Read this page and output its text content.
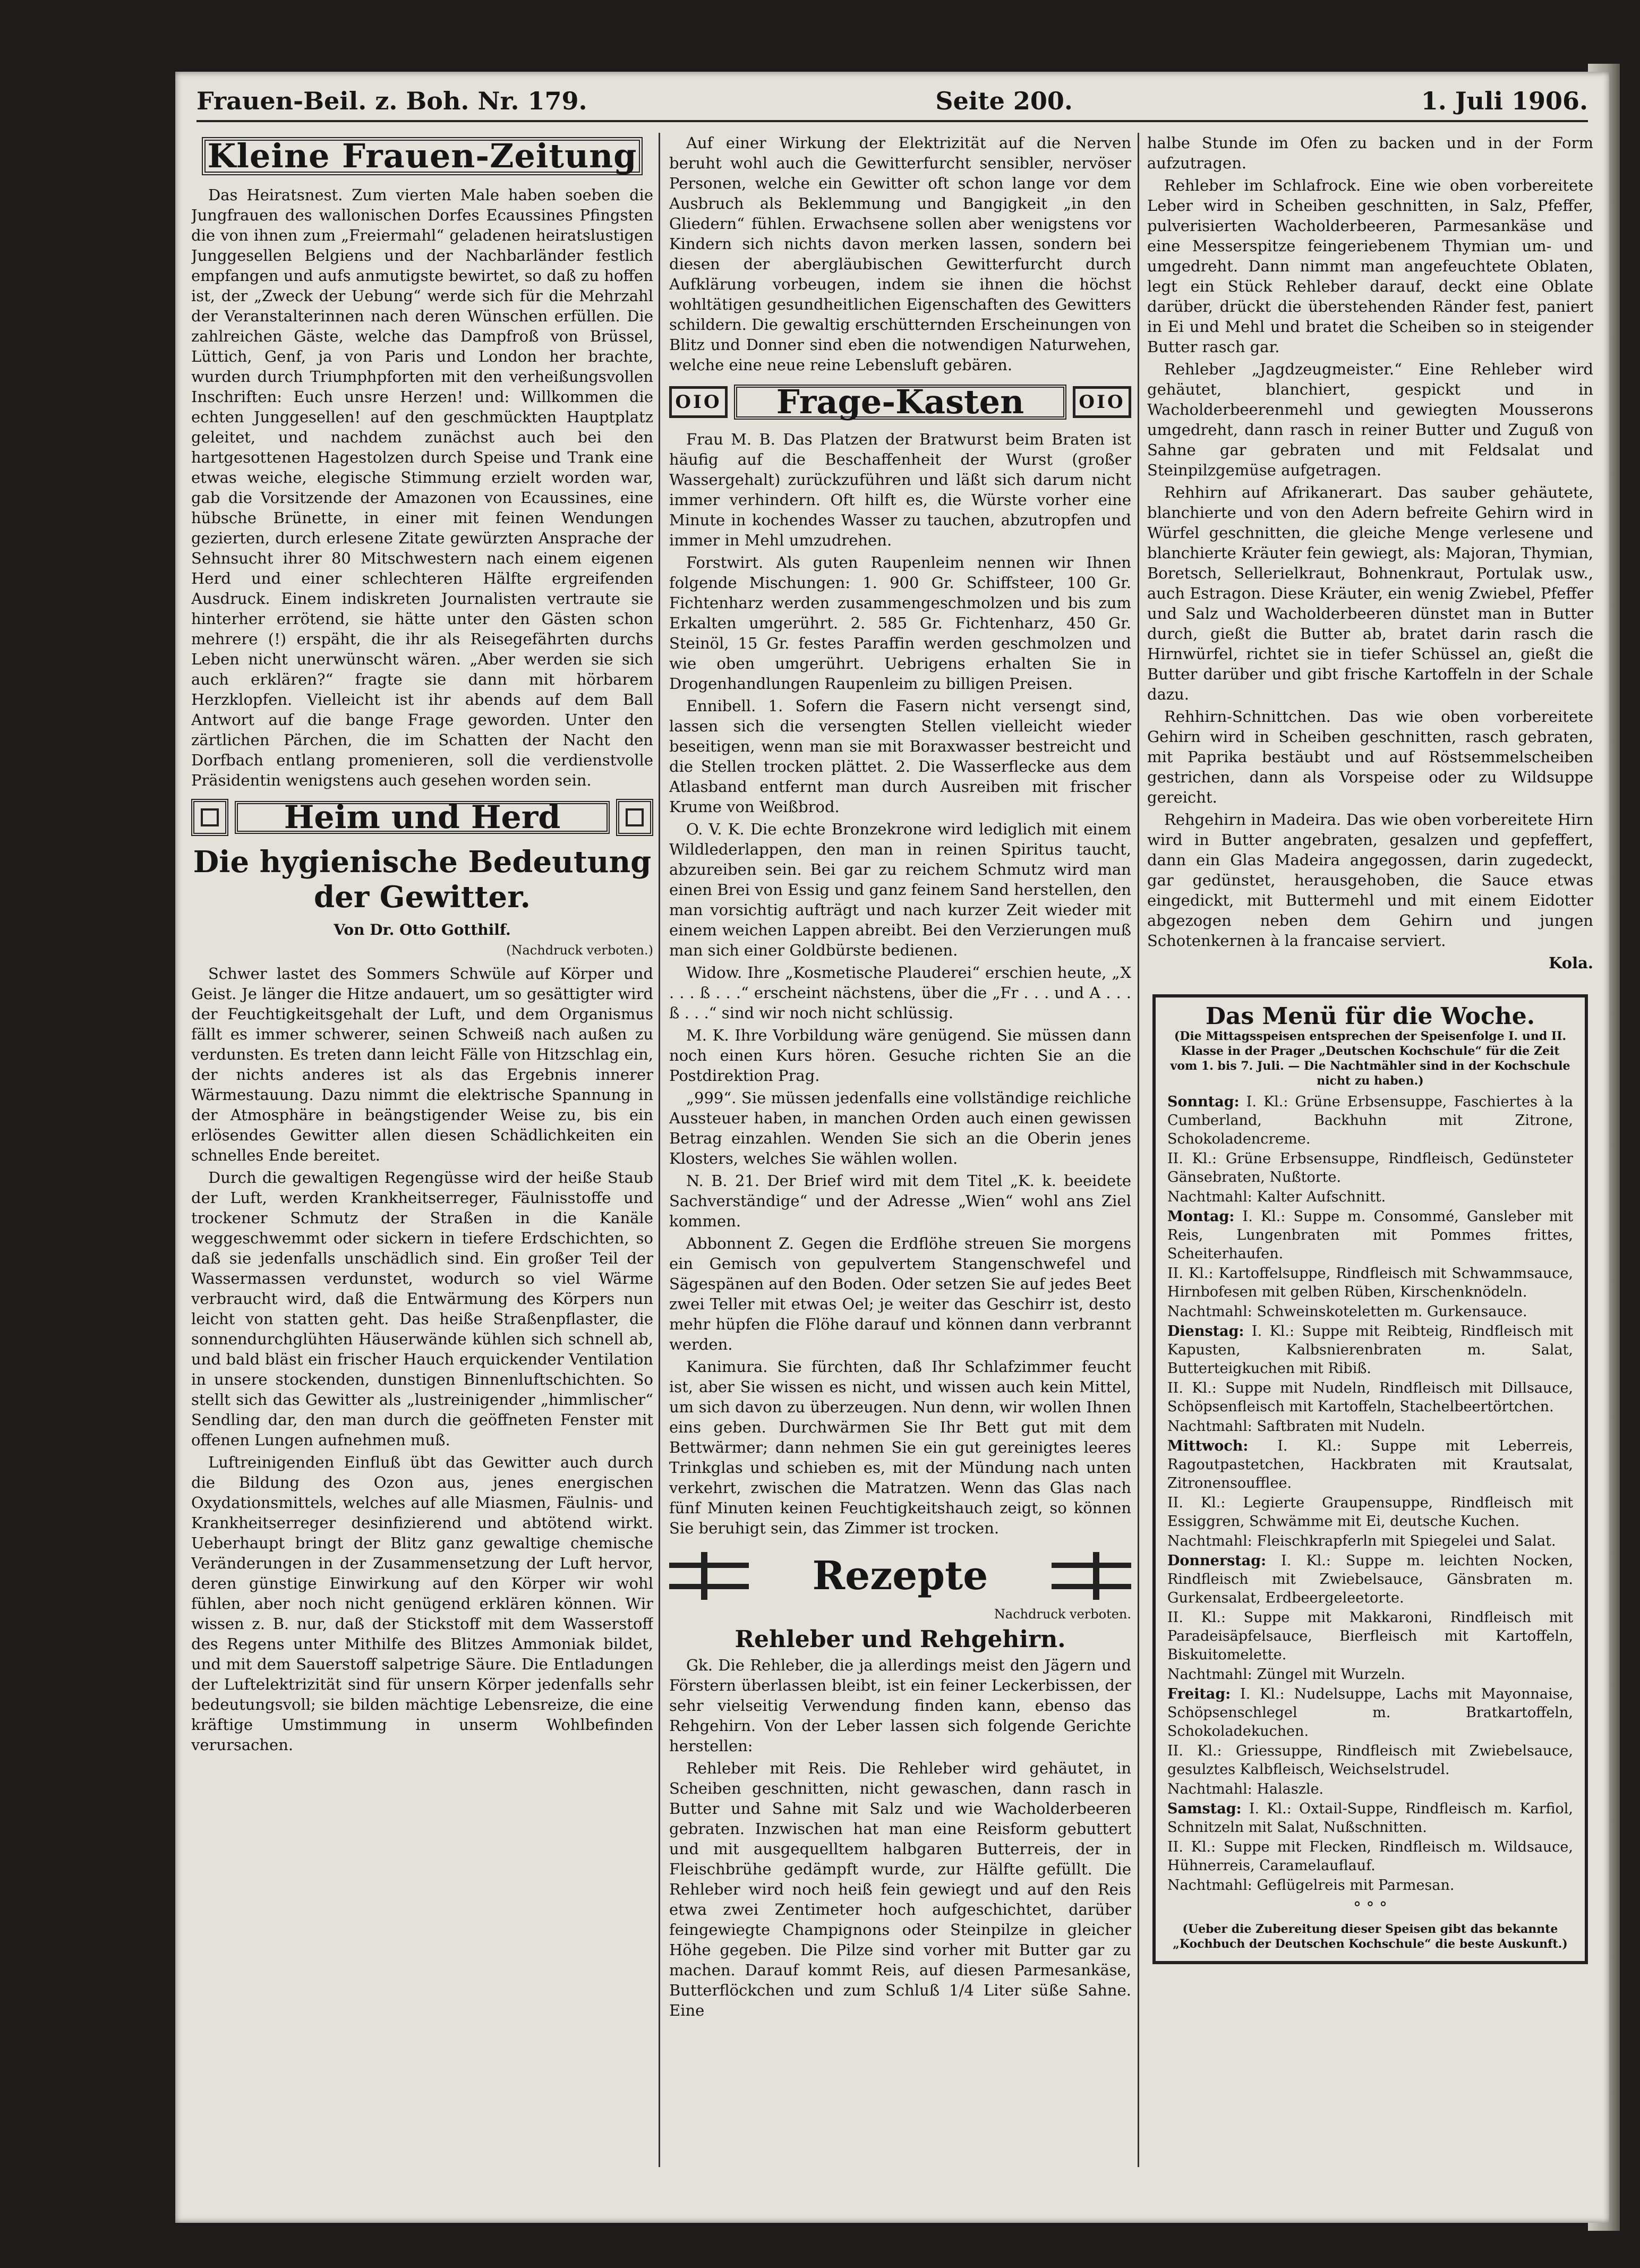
Frauen-Beil. z. Boh. Nr. 179.	Seite 200.	1. Juli 1906.
Kleine Frauen-Zeitung

Das Heiratsnest. Zum vierten Male haben soeben die Jungfrauen des wallonischen Dorfes Ecaussines Pfingsten die von ihnen zum „Freiermahl“ geladenen heiratslustigen Junggesellen Belgiens und der Nachbarländer festlich empfangen und aufs anmutigste bewirtet, so daß zu hoffen ist, der „Zweck der Uebung“ werde sich für die Mehrzahl der Veranstalterinnen nach deren Wünschen erfüllen. Die zahlreichen Gäste, welche das Dampfroß von Brüssel, Lüttich, Genf, ja von Paris und London her brachte, wurden durch Triumphpforten mit den verheißungsvollen Inschriften: Euch unsre Herzen! und: Willkommen die echten Junggesellen! auf den geschmückten Hauptplatz geleitet, und nachdem zunächst auch bei den hartgesottenen Hagestolzen durch Speise und Trank eine etwas weiche, elegische Stimmung erzielt worden war, gab die Vorsitzende der Amazonen von Ecaussines, eine hübsche Brünette, in einer mit feinen Wendungen gezierten, durch erlesene Zitate gewürzten Ansprache der Sehnsucht ihrer 80 Mitschwestern nach einem eigenen Herd und einer schlechteren Hälfte ergreifenden Ausdruck. Einem indiskreten Journalisten vertraute sie hinterher errötend, sie hätte unter den Gästen schon mehrere (!) erspäht, die ihr als Reisegefährten durchs Leben nicht unerwünscht wären. „Aber werden sie sich auch erklären?“ fragte sie dann mit hörbarem Herzklopfen. Vielleicht ist ihr abends auf dem Ball Antwort auf die bange Frage geworden. Unter den zärtlichen Pärchen, die im Schatten der Nacht den Dorfbach entlang promenieren, soll die verdienstvolle Präsidentin wenigstens auch gesehen worden sein.

Heim und Herd
Die hygienische Bedeutung der Gewitter.
Von Dr. Otto Gotthilf.
(Nachdruck verboten.)

Schwer lastet des Sommers Schwüle auf Körper und Geist. Je länger die Hitze andauert, um so gesättigter wird der Feuchtigkeitsgehalt der Luft, und dem Organismus fällt es immer schwerer, seinen Schweiß nach außen zu verdunsten. Es treten dann leicht Fälle von Hitzschlag ein, der nichts anderes ist als das Ergebnis innerer Wärmestauung. Dazu nimmt die elektrische Spannung in der Atmosphäre in beängstigender Weise zu, bis ein erlösendes Gewitter allen diesen Schädlichkeiten ein schnelles Ende bereitet.

Durch die gewaltigen Regengüsse wird der heiße Staub der Luft, werden Krankheitserreger, Fäulnisstoffe und trockener Schmutz der Straßen in die Kanäle weggeschwemmt oder sickern in tiefere Erdschichten, so daß sie jedenfalls unschädlich sind. Ein großer Teil der Wassermassen verdunstet, wodurch so viel Wärme verbraucht wird, daß die Entwärmung des Körpers nun leicht von statten geht. Das heiße Straßenpflaster, die sonnendurchglühten Häuserwände kühlen sich schnell ab, und bald bläst ein frischer Hauch erquickender Ventilation in unsere stockenden, dunstigen Binnenluftschichten. So stellt sich das Gewitter als „lustreinigender „himmlischer“ Sendling dar, den man durch die geöffneten Fenster mit offenen Lungen aufnehmen muß.

Luftreinigenden Einfluß übt das Gewitter auch durch die Bildung des Ozon aus, jenes energischen Oxydationsmittels, welches auf alle Miasmen, Fäulnis- und Krankheitserreger desinfizierend und abtötend wirkt. Ueberhaupt bringt der Blitz ganz gewaltige chemische Veränderungen in der Zusammensetzung der Luft hervor, deren günstige Einwirkung auf den Körper wir wohl fühlen, aber noch nicht genügend erklären können. Wir wissen z. B. nur, daß der Stickstoff mit dem Wasserstoff des Regens unter Mithilfe des Blitzes Ammoniak bildet, und mit dem Sauerstoff salpetrige Säure. Die Entladungen der Luftelektrizität sind für unsern Körper jedenfalls sehr bedeutungsvoll; sie bilden mächtige Lebensreize, die eine kräftige Umstimmung in unserm Wohlbefinden verursachen.

Auf einer Wirkung der Elektrizität auf die Nerven beruht wohl auch die Gewitterfurcht sensibler, nervöser Personen, welche ein Gewitter oft schon lange vor dem Ausbruch als Beklemmung und Bangigkeit „in den Gliedern“ fühlen. Erwachsene sollen aber wenigstens vor Kindern sich nichts davon merken lassen, sondern bei diesen der abergläubischen Gewitterfurcht durch Aufklärung vorbeugen, indem sie ihnen die höchst wohltätigen gesundheitlichen Eigenschaften des Gewitters schildern. Die gewaltig erschütternden Erscheinungen von Blitz und Donner sind eben die notwendigen Naturwehen, welche eine neue reine Lebensluft gebären.

OIO	Frage-Kasten	OIO

Frau M. B. Das Platzen der Bratwurst beim Braten ist häufig auf die Beschaffenheit der Wurst (großer Wassergehalt) zurückzuführen und läßt sich darum nicht immer verhindern. Oft hilft es, die Würste vorher eine Minute in kochendes Wasser zu tauchen, abzutropfen und immer in Mehl umzudrehen.

Forstwirt. Als guten Raupenleim nennen wir Ihnen folgende Mischungen: 1. 900 Gr. Schiffsteer, 100 Gr. Fichtenharz werden zusammengeschmolzen und bis zum Erkalten umgerührt. 2. 585 Gr. Fichtenharz, 450 Gr. Steinöl, 15 Gr. festes Paraffin werden geschmolzen und wie oben umgerührt. Uebrigens erhalten Sie in Drogenhandlungen Raupenleim zu billigen Preisen.

Ennibell. 1. Sofern die Fasern nicht versengt sind, lassen sich die versengten Stellen vielleicht wieder beseitigen, wenn man sie mit Boraxwasser bestreicht und die Stellen trocken plättet. 2. Die Wasserflecke aus dem Atlasband entfernt man durch Ausreiben mit frischer Krume von Weißbrod.

O. V. K. Die echte Bronzekrone wird lediglich mit einem Wildlederlappen, den man in reinen Spiritus taucht, abzureiben sein. Bei gar zu reichem Schmutz wird man einen Brei von Essig und ganz feinem Sand herstellen, den man vorsichtig aufträgt und nach kurzer Zeit wieder mit einem weichen Lappen abreibt. Bei den Verzierungen muß man sich einer Goldbürste bedienen.

Widow. Ihre „Kosmetische Plauderei“ erschien heute, „X . . . ß . . .“ erscheint nächstens, über die „Fr . . . und A . . . ß . . .“ sind wir noch nicht schlüssig.

M. K. Ihre Vorbildung wäre genügend. Sie müssen dann noch einen Kurs hören. Gesuche richten Sie an die Postdirektion Prag.

„999“. Sie müssen jedenfalls eine vollständige reichliche Aussteuer haben, in manchen Orden auch einen gewissen Betrag einzahlen. Wenden Sie sich an die Oberin jenes Klosters, welches Sie wählen wollen.

N. B. 21. Der Brief wird mit dem Titel „K. k. beeidete Sachverständige“ und der Adresse „Wien“ wohl ans Ziel kommen.

Abbonnent Z. Gegen die Erdflöhe streuen Sie morgens ein Gemisch von gepulvertem Stangenschwefel und Sägespänen auf den Boden. Oder setzen Sie auf jedes Beet zwei Teller mit etwas Oel; je weiter das Geschirr ist, desto mehr hüpfen die Flöhe darauf und können dann verbrannt werden.

Kanimura. Sie fürchten, daß Ihr Schlafzimmer feucht ist, aber Sie wissen es nicht, und wissen auch kein Mittel, um sich davon zu überzeugen. Nun denn, wir wollen Ihnen eins geben. Durchwärmen Sie Ihr Bett gut mit dem Bettwärmer; dann nehmen Sie ein gut gereinigtes leeres Trinkglas und schieben es, mit der Mündung nach unten verkehrt, zwischen die Matratzen. Wenn das Glas nach fünf Minuten keinen Feuchtigkeitshauch zeigt, so können Sie beruhigt sein, das Zimmer ist trocken.

Rezepte
Nachdruck verboten.
Rehleber und Rehgehirn.

Gk. Die Rehleber, die ja allerdings meist den Jägern und Förstern überlassen bleibt, ist ein feiner Leckerbissen, der sehr vielseitig Verwendung finden kann, ebenso das Rehgehirn. Von der Leber lassen sich folgende Gerichte herstellen:

Rehleber mit Reis. Die Rehleber wird gehäutet, in Scheiben geschnitten, nicht gewaschen, dann rasch in Butter und Sahne mit Salz und wie Wacholderbeeren gebraten. Inzwischen hat man eine Reisform gebuttert und mit ausgequelltem halbgaren Butterreis, der in Fleischbrühe gedämpft wurde, zur Hälfte gefüllt. Die Rehleber wird noch heiß fein gewiegt und auf den Reis etwa zwei Zentimeter hoch aufgeschichtet, darüber feingewiegte Champignons oder Steinpilze in gleicher Höhe gegeben. Die Pilze sind vorher mit Butter gar zu machen. Darauf kommt Reis, auf diesen Parmesankäse, Butterflöckchen und zum Schluß 1/4 Liter süße Sahne. Eine

halbe Stunde im Ofen zu backen und in der Form aufzutragen.

Rehleber im Schlafrock. Eine wie oben vorbereitete Leber wird in Scheiben geschnitten, in Salz, Pfeffer, pulverisierten Wacholderbeeren, Parmesankäse und eine Messerspitze feingeriebenem Thymian um- und umgedreht. Dann nimmt man angefeuchtete Oblaten, legt ein Stück Rehleber darauf, deckt eine Oblate darüber, drückt die überstehenden Ränder fest, paniert in Ei und Mehl und bratet die Scheiben so in steigender Butter rasch gar.

Rehleber „Jagdzeugmeister.“ Eine Rehleber wird gehäutet, blanchiert, gespickt und in Wacholderbeerenmehl und gewiegten Mousserons umgedreht, dann rasch in reiner Butter und Zuguß von Sahne gar gebraten und mit Feldsalat und Steinpilzgemüse aufgetragen.

Rehhirn auf Afrikanerart. Das sauber gehäutete, blanchierte und von den Adern befreite Gehirn wird in Würfel geschnitten, die gleiche Menge verlesene und blanchierte Kräuter fein gewiegt, als: Majoran, Thymian, Boretsch, Sellerielkraut, Bohnenkraut, Portulak usw., auch Estragon. Diese Kräuter, ein wenig Zwiebel, Pfeffer und Salz und Wacholderbeeren dünstet man in Butter durch, gießt die Butter ab, bratet darin rasch die Hirnwürfel, richtet sie in tiefer Schüssel an, gießt die Butter darüber und gibt frische Kartoffeln in der Schale dazu.

Rehhirn-Schnittchen. Das wie oben vorbereitete Gehirn wird in Scheiben geschnitten, rasch gebraten, mit Paprika bestäubt und auf Röstsemmelscheiben gestrichen, dann als Vorspeise oder zu Wildsuppe gereicht.

Rehgehirn in Madeira. Das wie oben vorbereitete Hirn wird in Butter angebraten, gesalzen und gepfeffert, dann ein Glas Madeira angegossen, darin zugedeckt, gar gedünstet, herausgehoben, die Sauce etwas eingedickt, mit Buttermehl und mit einem Eidotter abgezogen neben dem Gehirn und jungen Schotenkernen à la francaise serviert.

Kola.
Das Menü für die Woche.
(Die Mittagsspeisen entsprechen der Speisenfolge I. und II. Klasse in der Prager „Deutschen Kochschule“ für die Zeit vom 1. bis 7. Juli. — Die Nachtmähler sind in der Kochschule nicht zu haben.)
Sonntag: I. Kl.: Grüne Erbsensuppe, Faschiertes à la Cumberland, Backhuhn mit Zitrone, Schokoladencreme.
II. Kl.: Grüne Erbsensuppe, Rindfleisch, Gedünsteter Gänsebraten, Nußtorte.
Nachtmahl: Kalter Aufschnitt.
Montag: I. Kl.: Suppe m. Consommé, Gansleber mit Reis, Lungenbraten mit Pommes frittes, Scheiterhaufen.
II. Kl.: Kartoffelsuppe, Rindfleisch mit Schwammsauce, Hirnbofesen mit gelben Rüben, Kirschenknödeln.
Nachtmahl: Schweinskoteletten m. Gurkensauce.
Dienstag: I. Kl.: Suppe mit Reibteig, Rindfleisch mit Kapusten, Kalbsnierenbraten m. Salat, Butterteigkuchen mit Ribiß.
II. Kl.: Suppe mit Nudeln, Rindfleisch mit Dillsauce, Schöpsenfleisch mit Kartoffeln, Stachelbeertörtchen.
Nachtmahl: Saftbraten mit Nudeln.
Mittwoch: I. Kl.: Suppe mit Leberreis, Ragoutpastetchen, Hackbraten mit Krautsalat, Zitronensoufflee.
II. Kl.: Legierte Graupensuppe, Rindfleisch mit Essiggren, Schwämme mit Ei, deutsche Kuchen.
Nachtmahl: Fleischkrapferln mit Spiegelei und Salat.
Donnerstag: I. Kl.: Suppe m. leichten Nocken, Rindfleisch mit Zwiebelsauce, Gänsbraten m. Gurkensalat, Erdbeergeleetorte.
II. Kl.: Suppe mit Makkaroni, Rindfleisch mit Paradeisäpfelsauce, Bierfleisch mit Kartoffeln, Biskuitomelette.
Nachtmahl: Züngel mit Wurzeln.
Freitag: I. Kl.: Nudelsuppe, Lachs mit Mayonnaise, Schöpsenschlegel m. Bratkartoffeln, Schokoladekuchen.
II. Kl.: Griessuppe, Rindfleisch mit Zwiebelsauce, gesulztes Kalbfleisch, Weichselstrudel.
Nachtmahl: Halaszle.
Samstag: I. Kl.: Oxtail-Suppe, Rindfleisch m. Karfiol, Schnitzeln mit Salat, Nußschnitten.
II. Kl.: Suppe mit Flecken, Rindfleisch m. Wildsauce, Hühnerreis, Caramelauflauf.
Nachtmahl: Geflügelreis mit Parmesan.
° ° °
(Ueber die Zubereitung dieser Speisen gibt das bekannte „Kochbuch der Deutschen Kochschule“ die beste Auskunft.)
